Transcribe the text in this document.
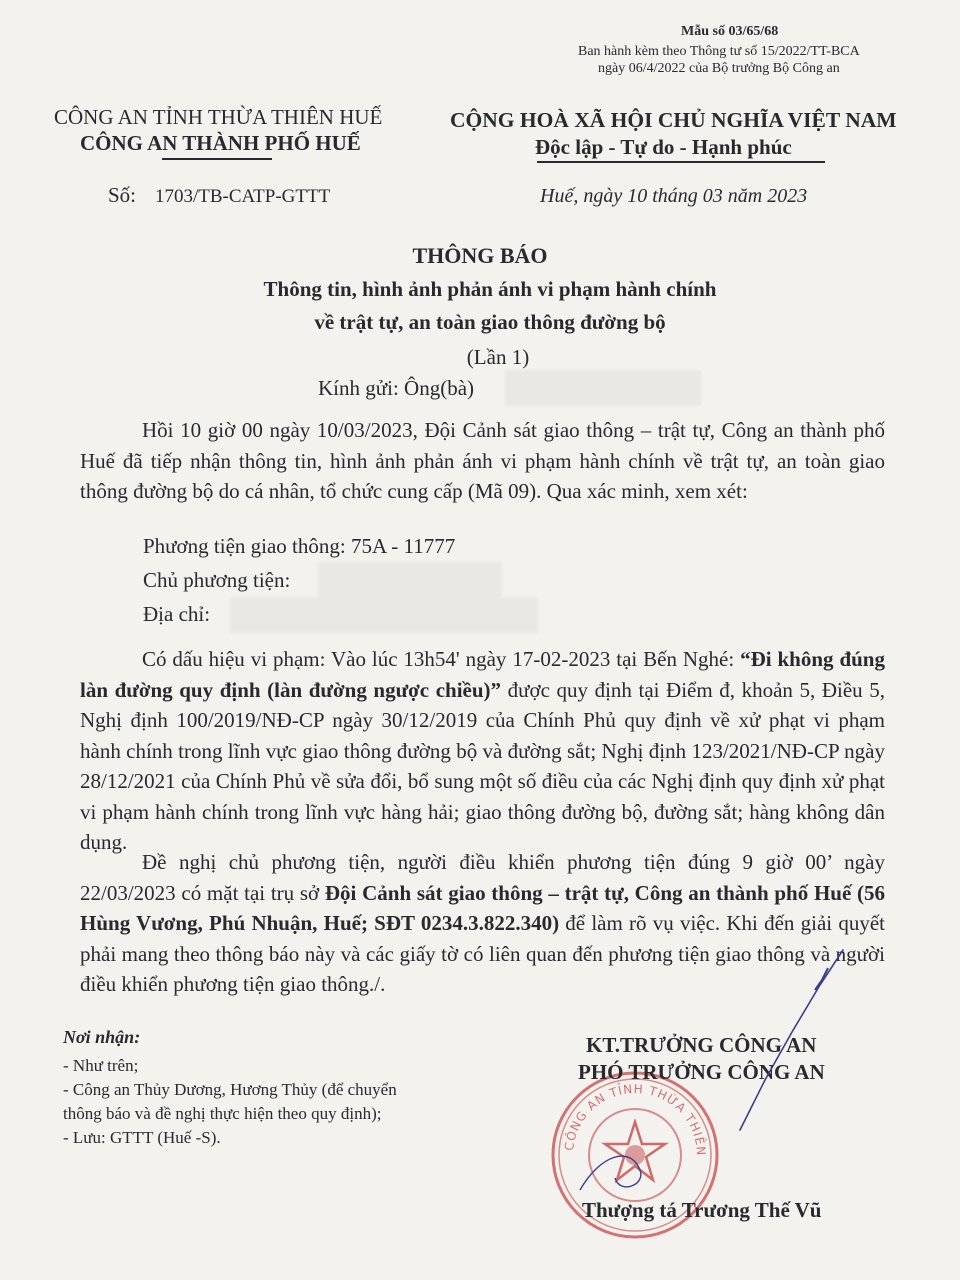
Mẫu số 03/65/68
Ban hành kèm theo Thông tư số 15/2022/TT-BCA
ngày 06/4/2022 của Bộ trưởng Bộ Công an
CÔNG AN TỈNH THỪA THIÊN HUẾ
CÔNG AN THÀNH PHỐ HUẾ
Số: 1703/TB-CATP-GTTT
CỘNG HOÀ XÃ HỘI CHỦ NGHĨA VIỆT NAM
Độc lập - Tự do - Hạnh phúc
Huế, ngày 10 tháng 03 năm 2023
THÔNG BÁO
Thông tin, hình ảnh phản ánh vi phạm hành chính
về trật tự, an toàn giao thông đường bộ
(Lần 1)
Kính gửi: Ông(bà)

Hồi 10 giờ 00 ngày 10/03/2023, Đội Cảnh sát giao thông – trật tự, Công an thành phố Huế đã tiếp nhận thông tin, hình ảnh phản ánh vi phạm hành chính về trật tự, an toàn giao thông đường bộ do cá nhân, tổ chức cung cấp (Mã 09). Qua xác minh, xem xét:

Phương tiện giao thông: 75A - 11777
Chủ phương tiện:
Địa chỉ:

Có dấu hiệu vi phạm: Vào lúc 13h54' ngày 17-02-2023 tại Bến Nghé: “Đi không đúng làn đường quy định (làn đường ngược chiều)” được quy định tại Điểm đ, khoản 5, Điều 5, Nghị định 100/2019/NĐ-CP ngày 30/12/2019 của Chính Phủ quy định về xử phạt vi phạm hành chính trong lĩnh vực giao thông đường bộ và đường sắt; Nghị định 123/2021/NĐ-CP ngày 28/12/2021 của Chính Phủ về sửa đổi, bổ sung một số điều của các Nghị định quy định xử phạt vi phạm hành chính trong lĩnh vực hàng hải; giao thông đường bộ, đường sắt; hàng không dân dụng.

Đề nghị chủ phương tiện, người điều khiển phương tiện đúng 9 giờ 00’ ngày 22/03/2023 có mặt tại trụ sở Đội Cảnh sát giao thông – trật tự, Công an thành phố Huế (56 Hùng Vương, Phú Nhuận, Huế; SĐT 0234.3.822.340) để làm rõ vụ việc. Khi đến giải quyết phải mang theo thông báo này và các giấy tờ có liên quan đến phương tiện giao thông và người điều khiển phương tiện giao thông./.

Nơi nhận:
- Như trên;
- Công an Thủy Dương, Hương Thủy (để chuyển
thông báo và đề nghị thực hiện theo quy định);
- Lưu: GTTT (Huế -S).	CÔNG AN TỈNH THỪA THIÊN HUẾ	KT.TRƯỞNG CÔNG AN
PHÓ TRƯỞNG CÔNG AN
Thượng tá Trương Thế Vũ
